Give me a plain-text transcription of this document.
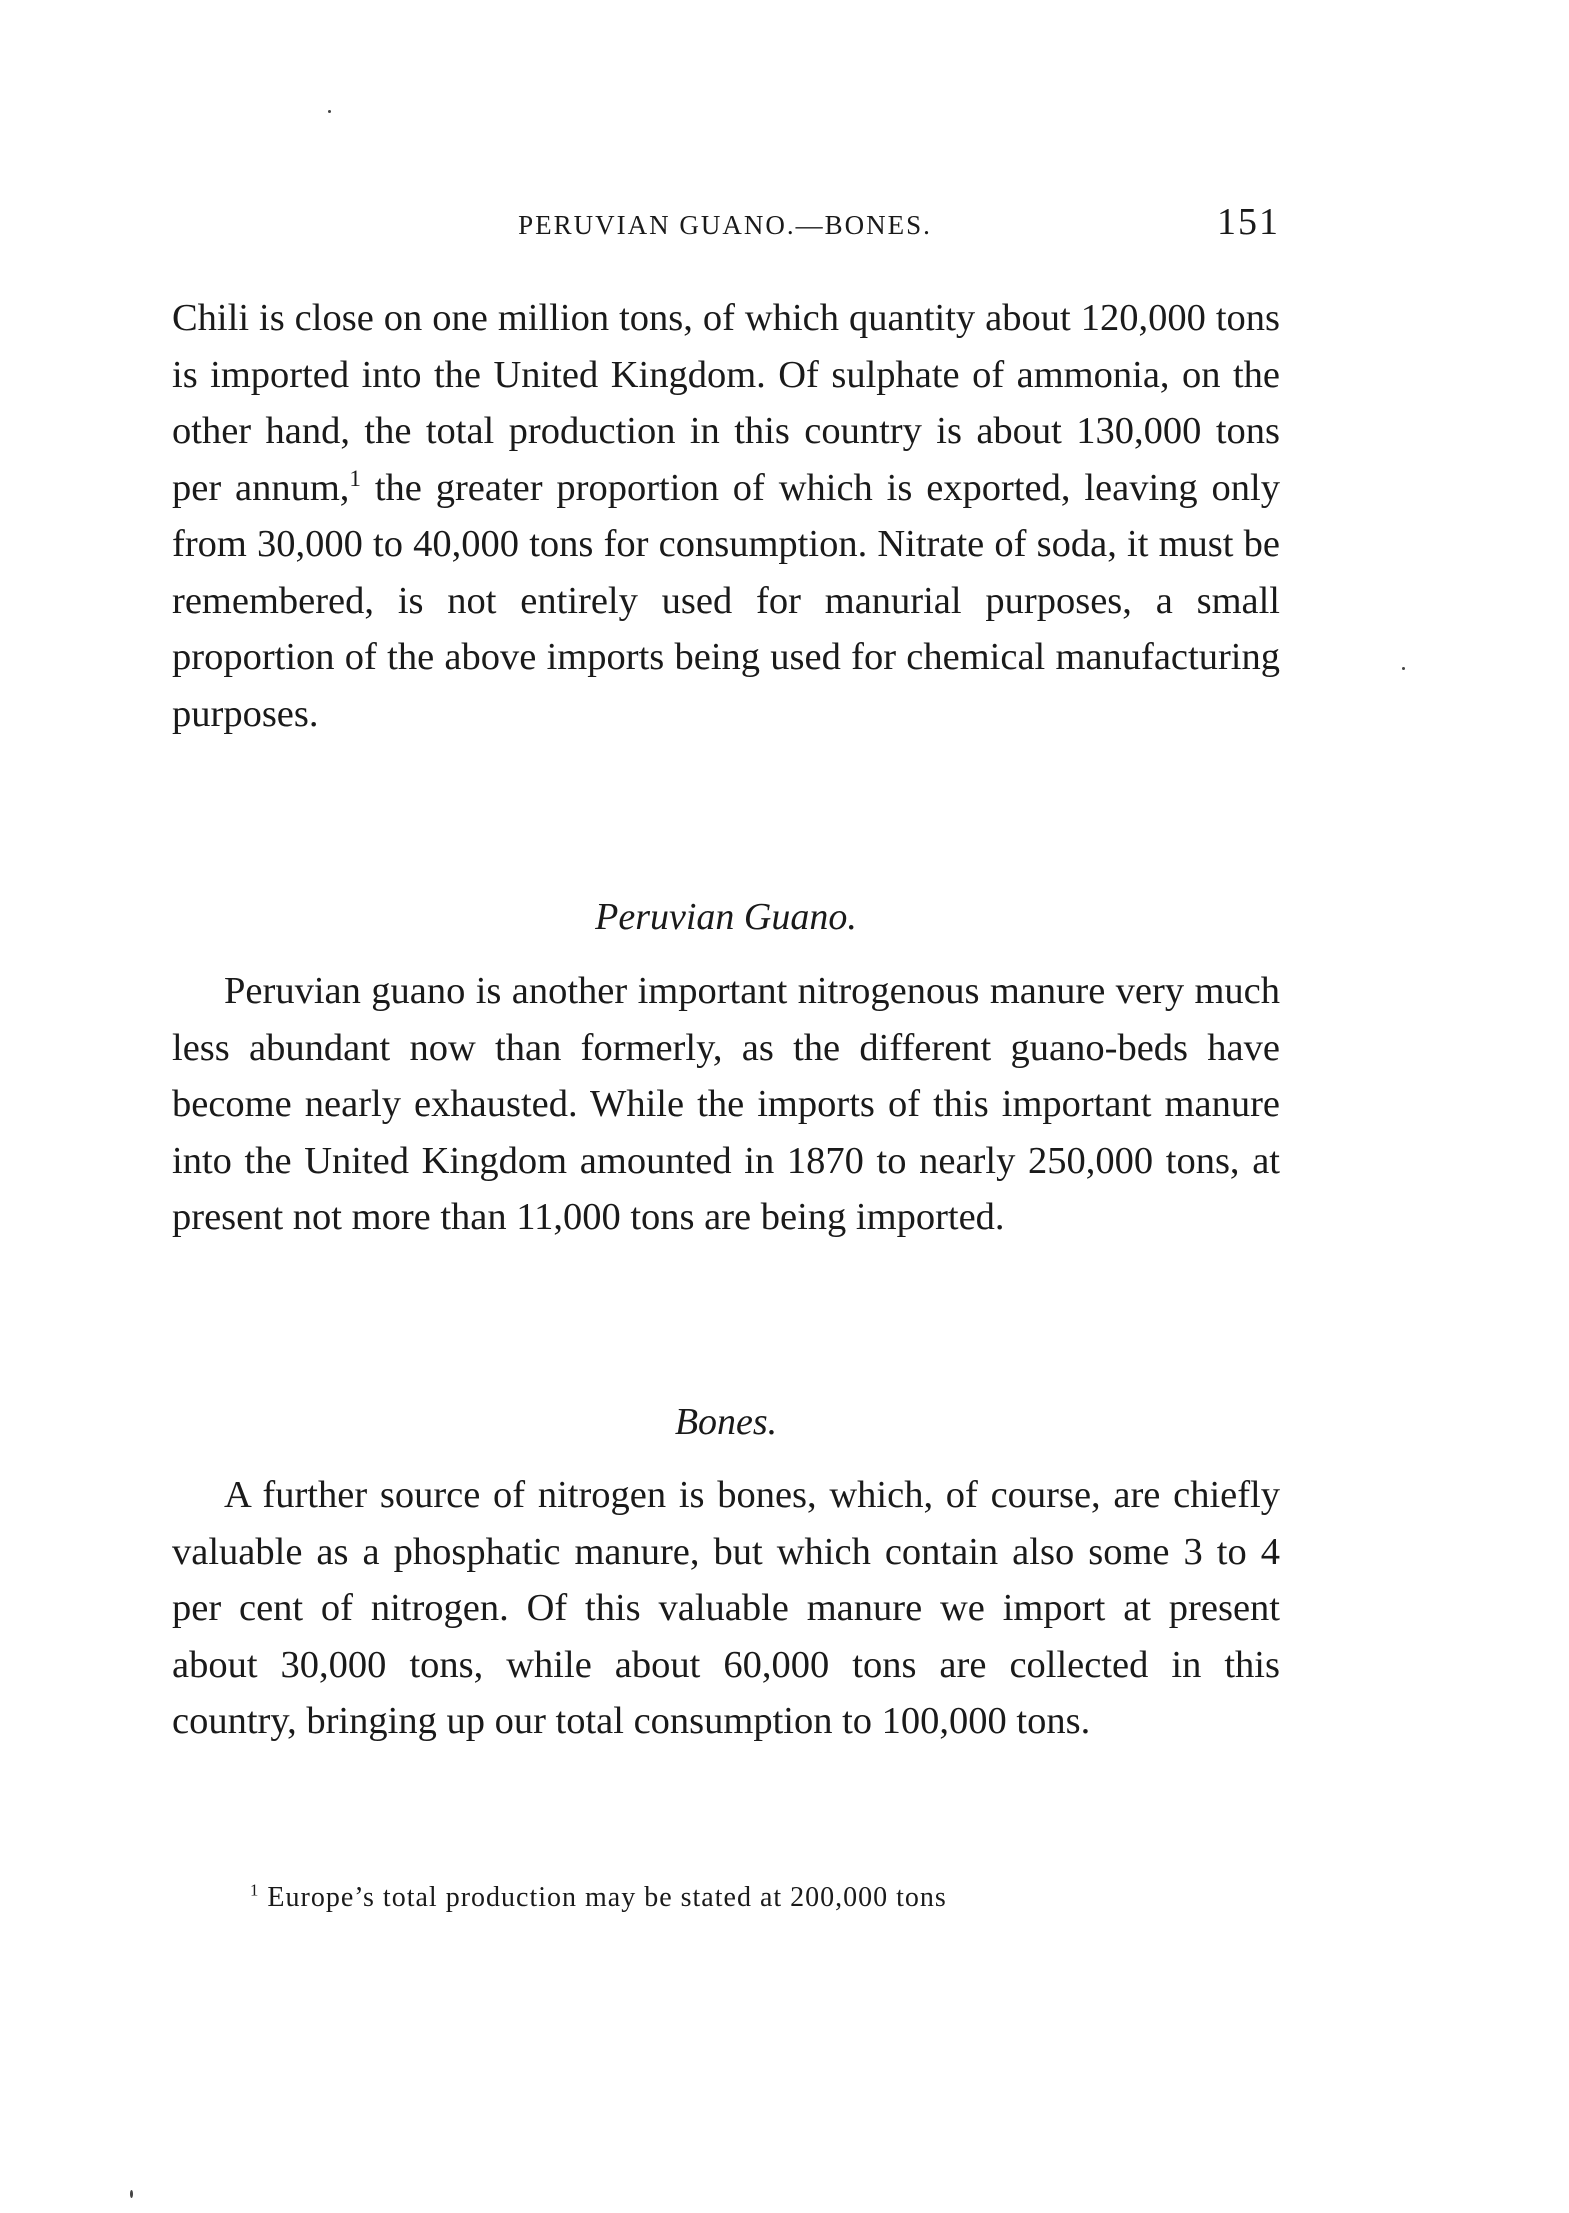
PERUVIAN GUANO.—BONES.	151

Chili is close on one million tons, of which quantity about 120,000 tons is imported into the United Kingdom. Of sulphate of ammonia, on the other hand, the total production in this country is about 130,000 tons per annum,$^1$ the greater proportion of which is exported, leaving only from 30,000 to 40,000 tons for consumption. Nitrate of soda, it must be remembered, is not entirely used for manurial purposes, a small proportion of the above imports being used for chemical manufacturing purposes.

Peruvian Guano.

Peruvian guano is another important nitrogenous manure very much less abundant now than formerly, as the different guano-beds have become nearly exhausted. While the imports of this important manure into the United Kingdom amounted in 1870 to nearly 250,000 tons, at present not more than 11,000 tons are being imported.

Bones.

A further source of nitrogen is bones, which, of course, are chiefly valuable as a phosphatic manure, but which contain also some 3 to 4 per cent of nitrogen. Of this valuable manure we import at present about 30,000 tons, while about 60,000 tons are collected in this country, bringing up our total consumption to 100,000 tons.

$^1$ Europe’s total production may be stated at 200,000 tons
